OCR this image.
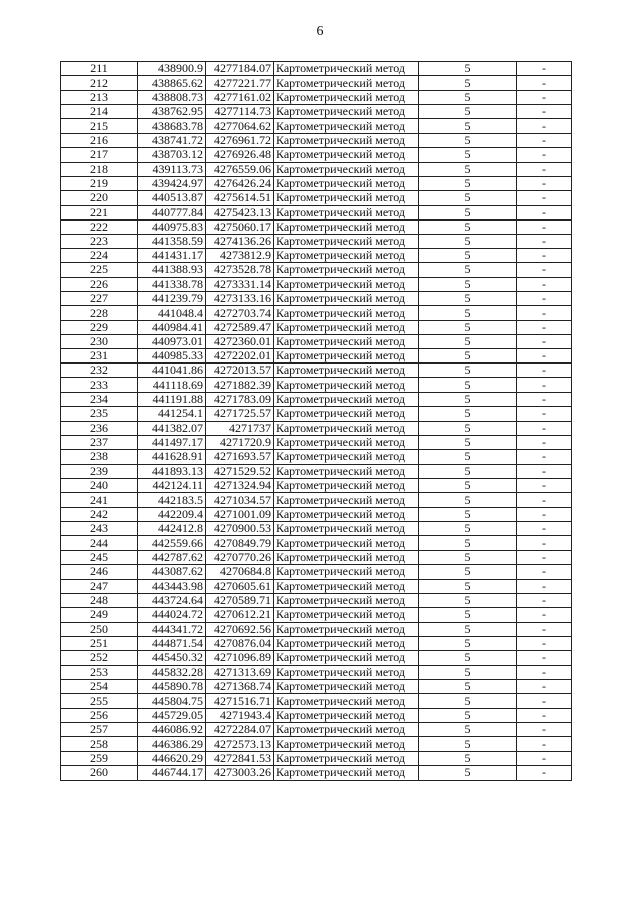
6
211	438900.9	4277184.07	Картометрический метод	5	-
212	438865.62	4277221.77	Картометрический метод	5	-
213	438808.73	4277161.02	Картометрический метод	5	-
214	438762.95	4277114.73	Картометрический метод	5	-
215	438683.78	4277064.62	Картометрический метод	5	-
216	438741.72	4276961.72	Картометрический метод	5	-
217	438703.12	4276926.48	Картометрический метод	5	-
218	439113.73	4276559.06	Картометрический метод	5	-
219	439424.97	4276426.24	Картометрический метод	5	-
220	440513.87	4275614.51	Картометрический метод	5	-
221	440777.84	4275423.13	Картометрический метод	5	-
222	440975.83	4275060.17	Картометрический метод	5	-
223	441358.59	4274136.26	Картометрический метод	5	-
224	441431.17	4273812.9	Картометрический метод	5	-
225	441388.93	4273528.78	Картометрический метод	5	-
226	441338.78	4273331.14	Картометрический метод	5	-
227	441239.79	4273133.16	Картометрический метод	5	-
228	441048.4	4272703.74	Картометрический метод	5	-
229	440984.41	4272589.47	Картометрический метод	5	-
230	440973.01	4272360.01	Картометрический метод	5	-
231	440985.33	4272202.01	Картометрический метод	5	-
232	441041.86	4272013.57	Картометрический метод	5	-
233	441118.69	4271882.39	Картометрический метод	5	-
234	441191.88	4271783.09	Картометрический метод	5	-
235	441254.1	4271725.57	Картометрический метод	5	-
236	441382.07	4271737	Картометрический метод	5	-
237	441497.17	4271720.9	Картометрический метод	5	-
238	441628.91	4271693.57	Картометрический метод	5	-
239	441893.13	4271529.52	Картометрический метод	5	-
240	442124.11	4271324.94	Картометрический метод	5	-
241	442183.5	4271034.57	Картометрический метод	5	-
242	442209.4	4271001.09	Картометрический метод	5	-
243	442412.8	4270900.53	Картометрический метод	5	-
244	442559.66	4270849.79	Картометрический метод	5	-
245	442787.62	4270770.26	Картометрический метод	5	-
246	443087.62	4270684.8	Картометрический метод	5	-
247	443443.98	4270605.61	Картометрический метод	5	-
248	443724.64	4270589.71	Картометрический метод	5	-
249	444024.72	4270612.21	Картометрический метод	5	-
250	444341.72	4270692.56	Картометрический метод	5	-
251	444871.54	4270876.04	Картометрический метод	5	-
252	445450.32	4271096.89	Картометрический метод	5	-
253	445832.28	4271313.69	Картометрический метод	5	-
254	445890.78	4271368.74	Картометрический метод	5	-
255	445804.75	4271516.71	Картометрический метод	5	-
256	445729.05	4271943.4	Картометрический метод	5	-
257	446086.92	4272284.07	Картометрический метод	5	-
258	446386.29	4272573.13	Картометрический метод	5	-
259	446620.29	4272841.53	Картометрический метод	5	-
260	446744.17	4273003.26	Картометрический метод	5	-
